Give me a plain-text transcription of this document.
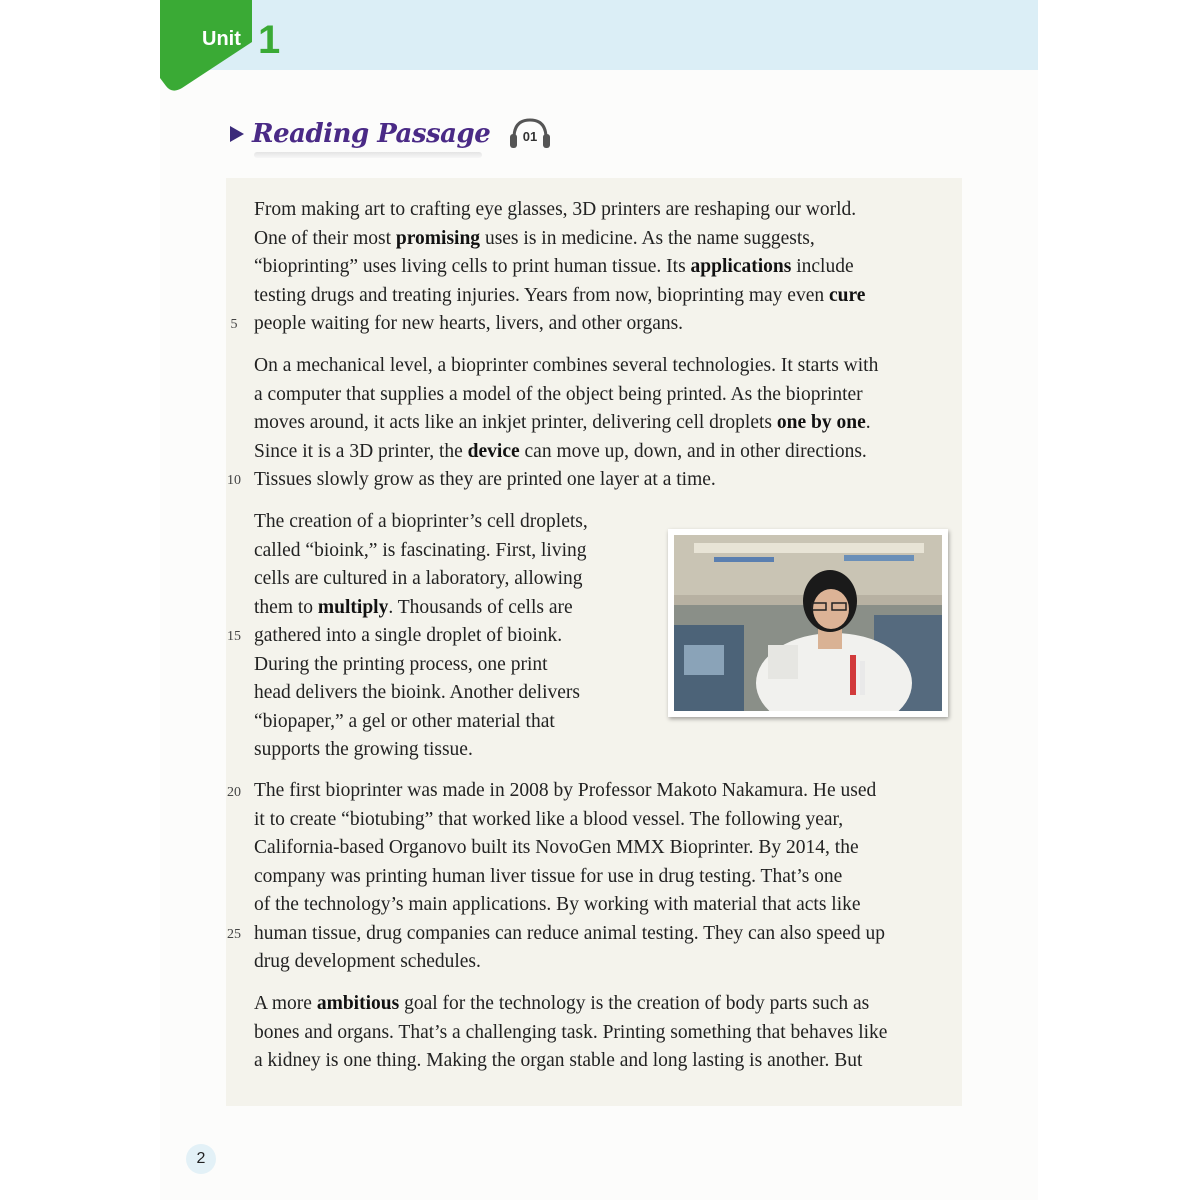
Unit 1
Reading Passage	01

From making art to crafting eye glasses, 3D printers are reshaping our world.
One of their most promising uses is in medicine. As the name suggests,
“bioprinting” uses living cells to print human tissue. Its applications include
testing drugs and treating injuries. Years from now, bioprinting may even cure
people waiting for new hearts, livers, and other organs.

On a mechanical level, a bioprinter combines several technologies. It starts with
a computer that supplies a model of the object being printed. As the bioprinter
moves around, it acts like an inkjet printer, delivering cell droplets one by one.
Since it is a 3D printer, the device can move up, down, and in other directions.
Tissues slowly grow as they are printed one layer at a time.

The creation of a bioprinter’s cell droplets,
called “bioink,” is fascinating. First, living
cells are cultured in a laboratory, allowing
them to multiply. Thousands of cells are
gathered into a single droplet of bioink.
During the printing process, one print
head delivers the bioink. Another delivers
“biopaper,” a gel or other material that
supports the growing tissue.

The first bioprinter was made in 2008 by Professor Makoto Nakamura. He used
it to create “biotubing” that worked like a blood vessel. The following year,
California-based Organovo built its NovoGen MMX Bioprinter. By 2014, the
company was printing human liver tissue for use in drug testing. That’s one
of the technology’s main applications. By working with material that acts like
human tissue, drug companies can reduce animal testing. They can also speed up
drug development schedules.

A more ambitious goal for the technology is the creation of body parts such as
bones and organs. That’s a challenging task. Printing something that behaves like
a kidney is one thing. Making the organ stable and long lasting is another. But

5
10
15
20
25
2
